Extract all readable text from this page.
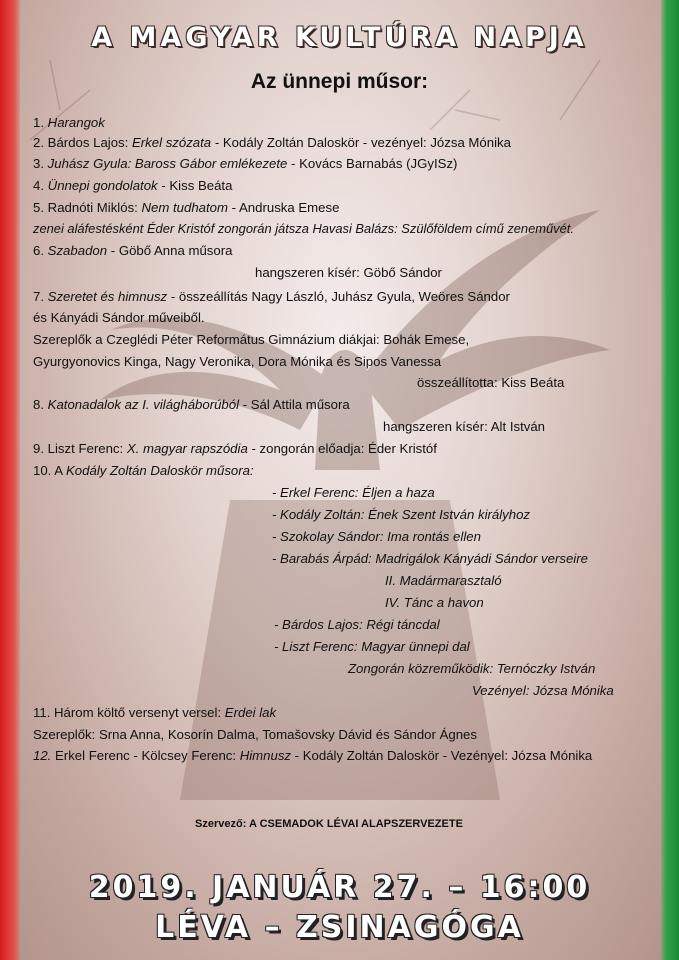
A MAGYAR KULTÚRA NAPJA
Az ünnepi műsor:
1. Harangok
2. Bárdos Lajos: Erkel szózata - Kodály Zoltán Daloskör - vezényel: Józsa Mónika
3. Juhász Gyula: Baross Gábor emlékezete - Kovács Barnabás (JGyISz)
4. Ünnepi gondolatok - Kiss Beáta
5. Radnóti Miklós: Nem tudhatom - Andruska Emese
zenei aláfestésként Éder Kristóf zongorán játsza Havasi Balázs: Szülőföldem című zeneművét.
6. Szabadon - Göbő Anna műsora
hangszeren kísér: Göbő Sándor
7. Szeretet és himnusz - összeállítás Nagy László, Juhász Gyula, Weöres Sándor
és Kányádi Sándor műveiből.
Szereplők a Czeglédi Péter Református Gimnázium diákjai: Bohák Emese,
Gyurgyonovics Kinga, Nagy Veronika, Dora Mónika és Sipos Vanessa
összeállította: Kiss Beáta
8. Katonadalok az I. világháborúból - Sál Attila műsora
hangszeren kísér: Alt István
9. Liszt Ferenc: X. magyar rapszódia - zongorán előadja: Éder Kristóf
10. A Kodály Zoltán Daloskör műsora:
- Erkel Ferenc: Éljen a haza
- Kodály Zoltán: Ének Szent István királyhoz
- Szokolay Sándor: Ima rontás ellen
- Barabás Árpád: Madrigálok Kányádi Sándor verseire
II. Madármarasztaló
IV. Tánc a havon
- Bárdos Lajos: Régi táncdal
- Liszt Ferenc: Magyar ünnepi dal
Zongorán közreműködik: Ternóczky István
Vezényel: Józsa Mónika
11. Három költő versenyt versel: Erdei lak
Szereplők: Srna Anna, Kosorín Dalma, Tomašovsky Dávid és Sándor Ágnes
12. Erkel Ferenc - Kölcsey Ferenc: Himnusz - Kodály Zoltán Daloskör - Vezényel: Józsa Mónika
Szervező: A CSEMADOK LÉVAI ALAPSZERVEZETE
2019. JANUÁR 27. – 16:00
LÉVA – ZSINAGÓGA
